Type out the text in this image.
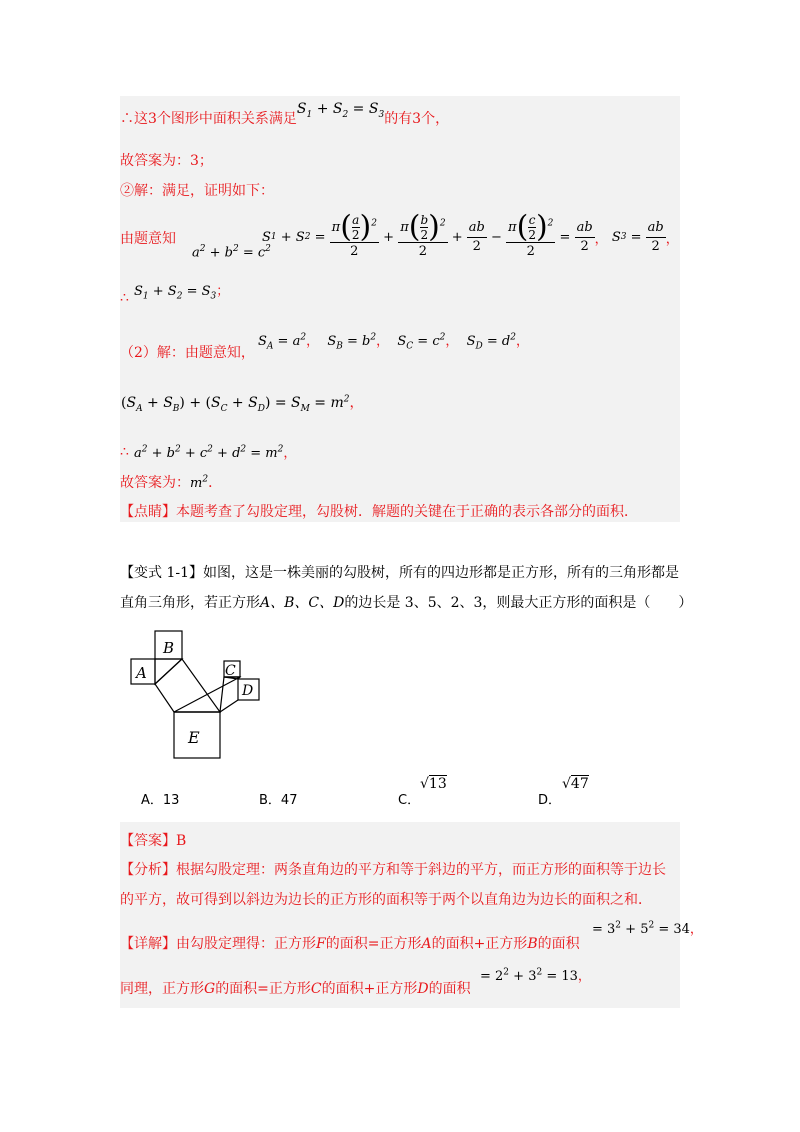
∴这3个图形中面积关系满足$S_1 + S_2 = S_3$的有3个，
故答案为：3；
②解：满足，证明如下：
由题意知
$a^2 + b^2 = c^2$
S 1 + S 2
=
$\frac{\pi( \frac{a}{2} )^2}{2}$
+
$\frac{\pi( \frac{b}{2} )^2}{2}$
+
$\frac{ab}{2}$
−
$\frac{\pi( \frac{c}{2} )^2}{2}$
=
$\frac{ab}{2}$ ， S 3
=
$\frac{ab}{2}$ ，
∴ $S_1 + S_2 = S_3$；
（2）解：由题意知，
$S_A = a^2$，  $S_B = b^2$，  $S_C = c^2$，  $S_D = d^2$，
$(S_A + S_B) + (S_C + S_D) = S_M = m^2$，
∴ $a^2 + b^2 + c^2 + d^2 = m^2$，
故答案为：$m^2$．
【点睛】本题考查了勾股定理，勾股树．解题的关键在于正确的表示各部分的面积．
【变式 1-1】如图，这是一株美丽的勾股树，所有的四边形都是正方形，所有的三角形都是
直角三角形，若正方形A、B、C、D的边长是 3、5、2、3，则最大正方形的面积是（　　）
B
A	C
D
E
A．13	B．47	C．
√13
D．
√47
【答案】B
【分析】根据勾股定理：两条直角边的平方和等于斜边的平方，而正方形的面积等于边长
的平方，故可得到以斜边为边长的正方形的面积等于两个以直角边为边长的面积之和．
【详解】由勾股定理得：正方形F的面积=正方形A的面积+正方形B的面积
= $3^2 + 5^2 = 34$，
同理，正方形G的面积=正方形C的面积+正方形D的面积
= $2^2 + 3^2 = 13$，
